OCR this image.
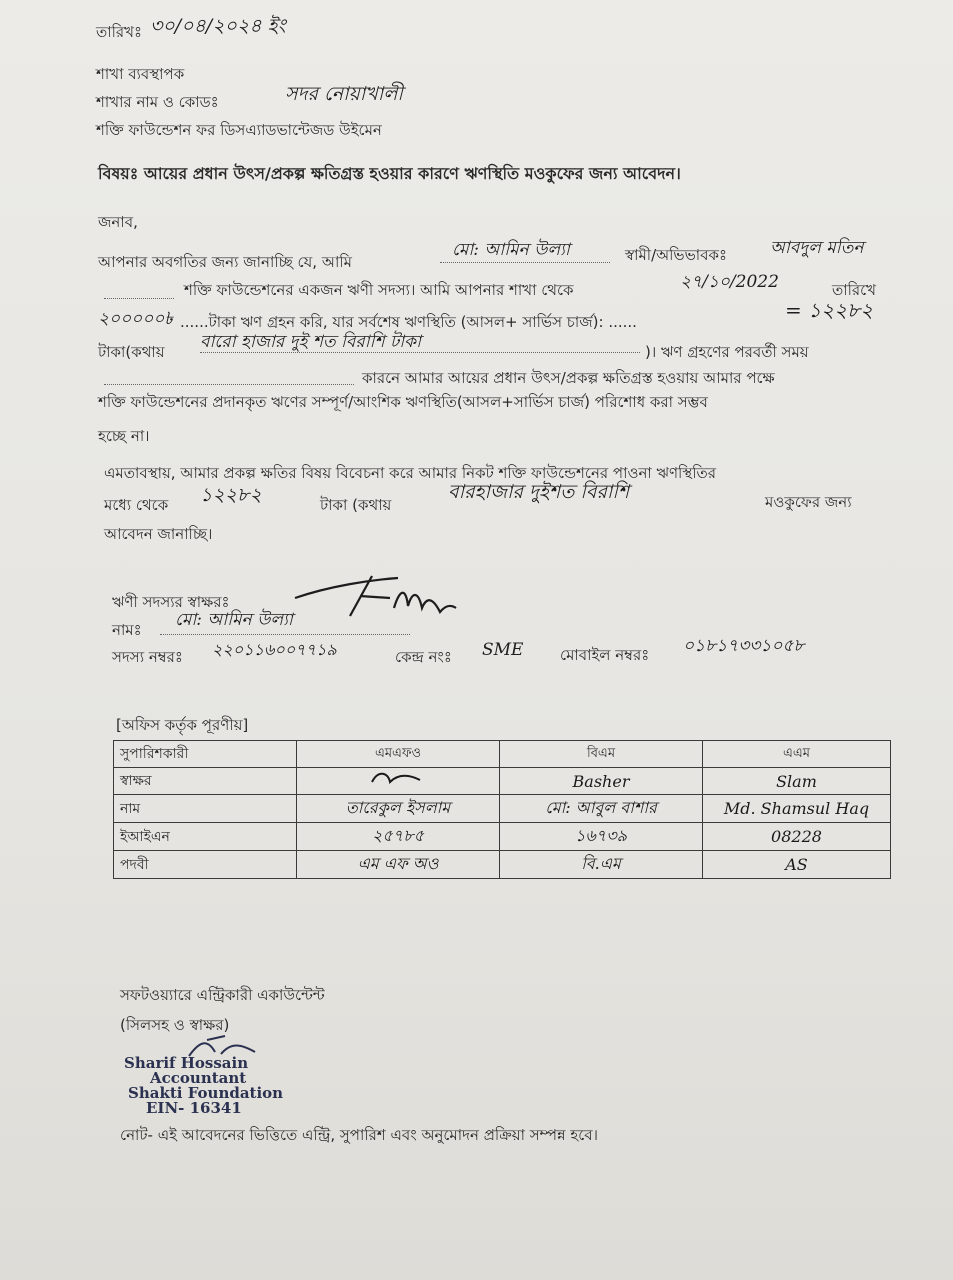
তারিখঃ ৩০/০৪/২০২৪ ইং
শাখা ব্যবস্থাপক
শাখার নাম ও কোডঃ	সদর নোয়াখালী
শক্তি ফাউন্ডেশন ফর ডিসএ্যাডভান্টেজড উইমেন
বিষয়ঃ আয়ের প্রধান উৎস/প্রকল্প ক্ষতিগ্রস্ত হওয়ার কারণে ঋণস্থিতি মওকুফের জন্য আবেদন।
জনাব,
আপনার অবগতির জন্য জানাচ্ছি যে, আমি
মো: আমিন উল্যা	স্বামী/অভিভাবকঃ	আবদুল মতিন
শক্তি ফাউন্ডেশনের একজন ঋণী সদস্য। আমি আপনার শাখা থেকে	২৭/১০/2022	তারিখে
২০০০০০৳ ......টাকা ঋণ গ্রহন করি, যার সর্বশেষ ঋণস্থিতি (আসল+ সার্ভিস চার্জ): ......	= ১২২৮২
টাকা(কথায় বারো হাজার দুই শত বিরাশি টাকা	)। ঋণ গ্রহণের পরবর্তী সময়
কারনে আমার আয়ের প্রধান উৎস/প্রকল্প ক্ষতিগ্রস্ত হওয়ায় আমার পক্ষে
শক্তি ফাউন্ডেশনের প্রদানকৃত ঋণের সম্পূর্ণ/আংশিক ঋণস্থিতি(আসল+সার্ভিস চার্জ) পরিশোধ করা সম্ভব
হচ্ছে না।
এমতাবস্থায়, আমার প্রকল্প ক্ষতির বিষয় বিবেচনা করে আমার নিকট শক্তি ফাউন্ডেশনের পাওনা ঋণস্থিতির
মধ্যে থেকে ১২২৮২	টাকা (কথায়
বারহাজার দুইশত বিরাশি	মওকুফের জন্য
আবেদন জানাচ্ছি।
ঋণী সদস্যর স্বাক্ষরঃ
নামঃ মো: আমিন উল্যা
সদস্য নম্বরঃ ২২০১১৬০০৭৭১৯	কেন্দ্র নংঃ SME মোবাইল নম্বরঃ ০১৮১৭৩৩১০৫৮
[অফিস কর্তৃক পূরণীয়]
সুপারিশকারী	এমএফও	বিএম	এএম
স্বাক্ষর		Basher	Slam
নাম	তারেকুল ইসলাম	মো: আবুল বাশার	Md. Shamsul Haq
ইআইএন	২৫৭৮৫	১৬৭৩৯	08228
পদবী	এম এফ অও	বি.এম	AS
সফটওয়্যারে এন্ট্রিকারী একাউন্টেন্ট
(সিলসহ ও স্বাক্ষর)
Sharif Hossain
Accountant
Shakti Foundation
EIN- 16341
নোট- এই আবেদনের ভিত্তিতে এন্ট্রি, সুপারিশ এবং অনুমোদন প্রক্রিয়া সম্পন্ন হবে।
